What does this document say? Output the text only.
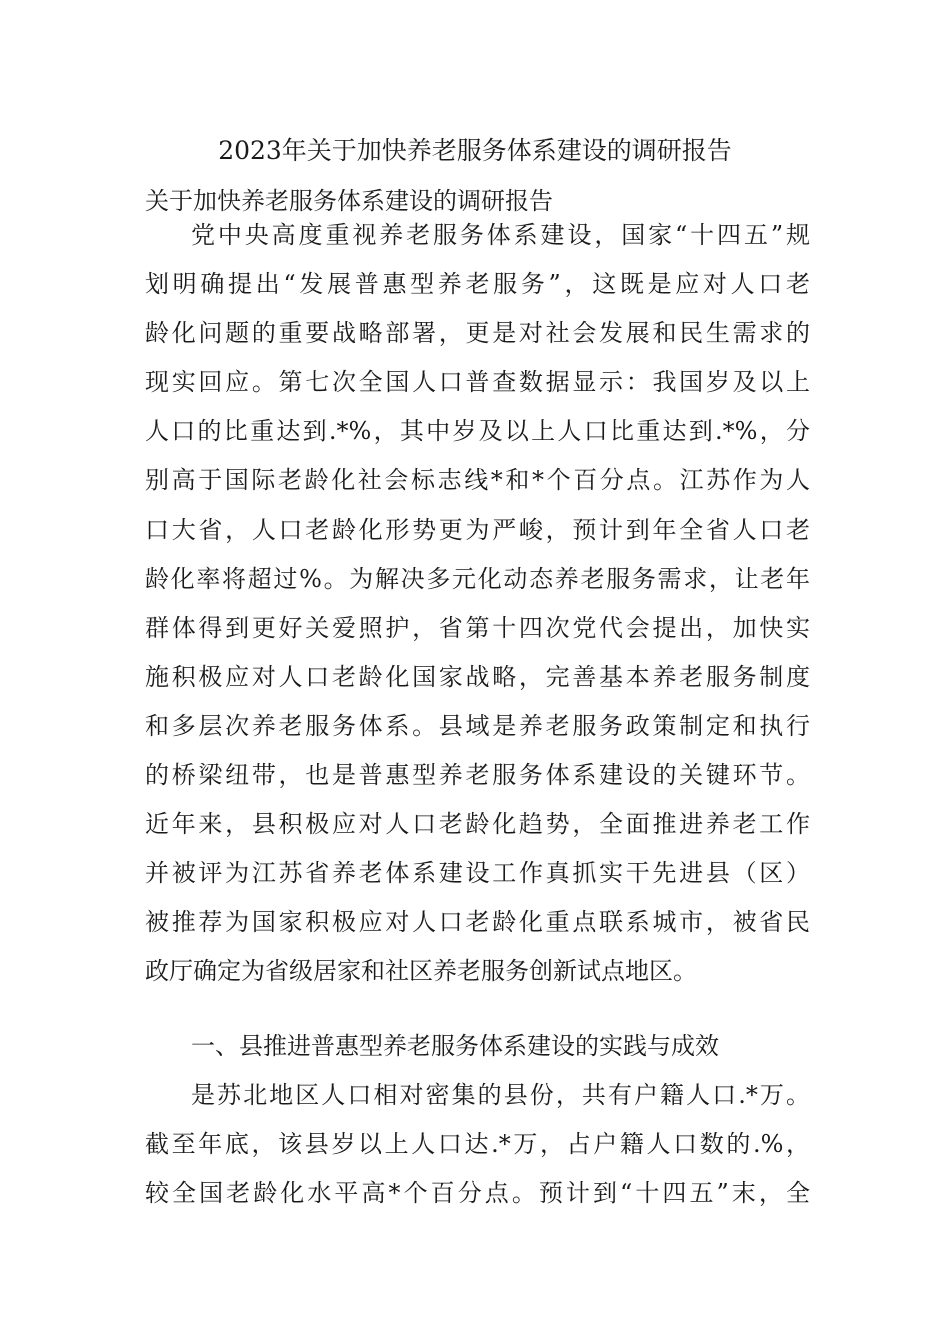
2023年关于加快养老服务体系建设的调研报告
关于加快养老服务体系建设的调研报告
党中央高度重视养老服务体系建设，国家“十四五”规
划明确提出“发展普惠型养老服务”，这既是应对人口老
龄化问题的重要战略部署，更是对社会发展和民生需求的
现实回应。第七次全国人口普查数据显示：我国岁及以上
人口的比重达到.*%，其中岁及以上人口比重达到.*%，分
别高于国际老龄化社会标志线*和*个百分点。江苏作为人
口大省，人口老龄化形势更为严峻，预计到年全省人口老
龄化率将超过%。为解决多元化动态养老服务需求，让老年
群体得到更好关爱照护，省第十四次党代会提出，加快实
施积极应对人口老龄化国家战略，完善基本养老服务制度
和多层次养老服务体系。县域是养老服务政策制定和执行
的桥梁纽带，也是普惠型养老服务体系建设的关键环节。
近年来，县积极应对人口老龄化趋势，全面推进养老工作
并被评为江苏省养老体系建设工作真抓实干先进县（区）
被推荐为国家积极应对人口老龄化重点联系城市，被省民
政厅确定为省级居家和社区养老服务创新试点地区。
一、县推进普惠型养老服务体系建设的实践与成效
是苏北地区人口相对密集的县份，共有户籍人口.*万。
截至年底，该县岁以上人口达.*万，占户籍人口数的.%，
较全国老龄化水平高*个百分点。预计到“十四五”末，全
